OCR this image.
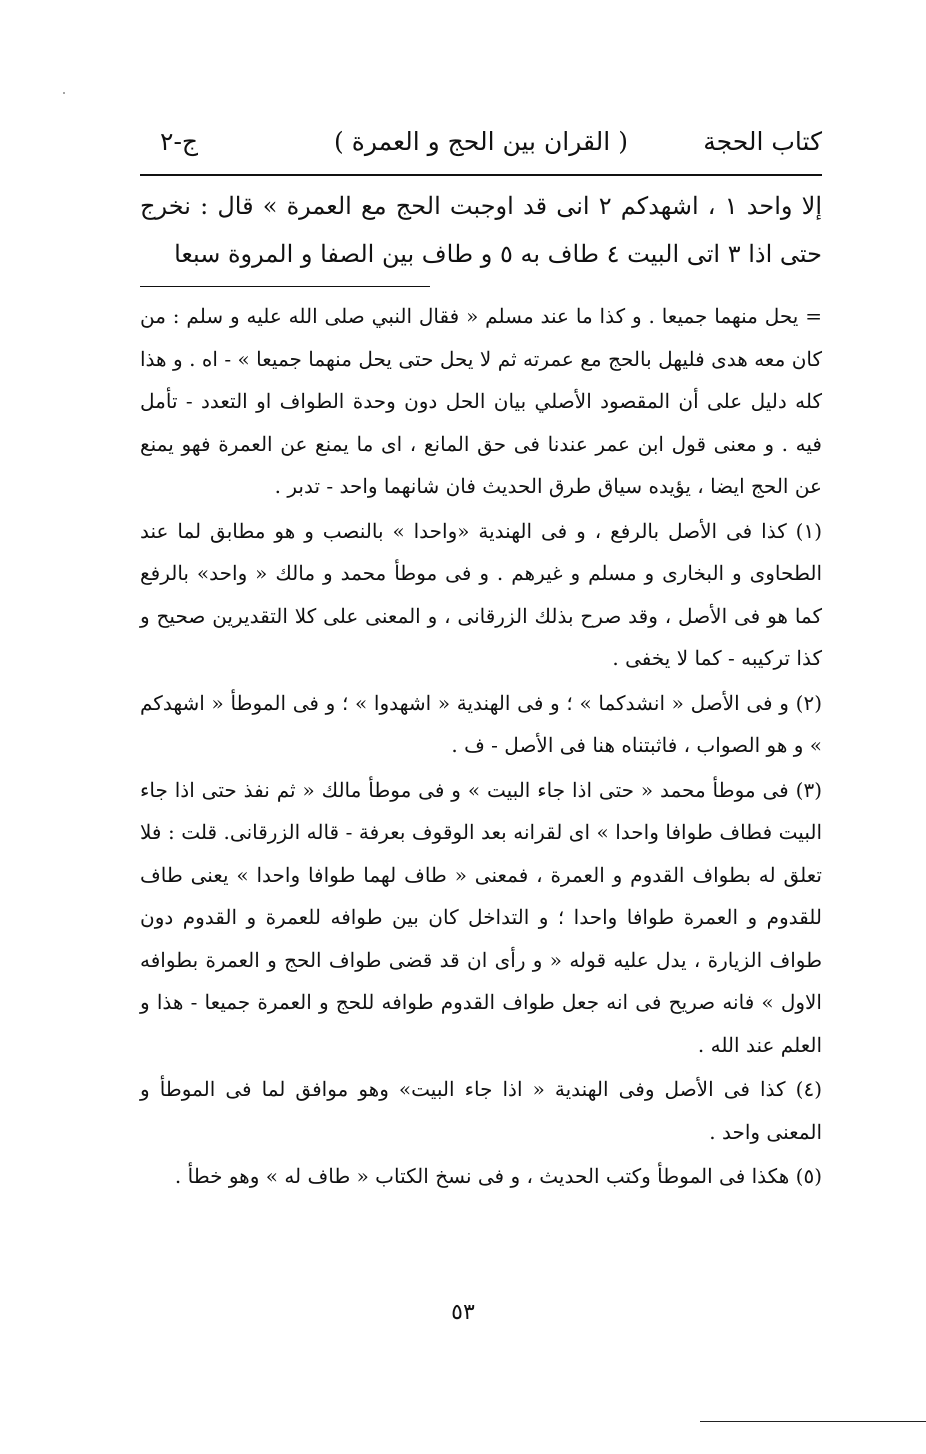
كتاب الحجة
( القران بين الحج و العمرة )
ج-٢

إلا واحد ١ ، اشهدكم ٢ انى قد اوجبت الحج مع العمرة » قال : نخرج حتى اذا ٣ اتى البيت ٤ طاف به ٥ و طاف بين الصفا و المروة سبعا

= يحل منهما جميعا . و كذا ما عند مسلم « فقال النبي صلى الله عليه و سلم : من كان معه هدى فليهل بالحج مع عمرته ثم لا يحل حتى يحل منهما جميعا » - اه . و هذا كله دليل على أن المقصود الأصلي بيان الحل دون وحدة الطواف او التعدد - تأمل فيه . و معنى قول ابن عمر عندنا فى حق المانع ، اى ما يمنع عن العمرة فهو يمنع عن الحج ايضا ، يؤيده سياق طرق الحديث فان شانهما واحد - تدبر .

(١) كذا فى الأصل بالرفع ، و فى الهندية «واحدا » بالنصب و هو مطابق لما عند الطحاوى و البخارى و مسلم و غيرهم . و فى موطأ محمد و مالك « واحد» بالرفع كما هو فى الأصل ، وقد صرح بذلك الزرقانى ، و المعنى على كلا التقديرين صحيح و كذا تركيبه - كما لا يخفى .

(٢) و فى الأصل « انشدكما » ؛ و فى الهندية « اشهدوا » ؛ و فى الموطأ « اشهدكم » و هو الصواب ، فاثبتناه هنا فى الأصل - ف .

(٣) فى موطأ محمد « حتى اذا جاء البيت » و فى موطأ مالك « ثم نفذ حتى اذا جاء البيت فطاف طوافا واحدا » اى لقرانه بعد الوقوف بعرفة - قاله الزرقانى. قلت : فلا تعلق له بطواف القدوم و العمرة ، فمعنى « طاف لهما طوافا واحدا » يعنى طاف للقدوم و العمرة طوافا واحدا ؛ و التداخل كان بين طوافه للعمرة و القدوم دون طواف الزيارة ، يدل عليه قوله « و رأى ان قد قضى طواف الحج و العمرة بطوافه الاول » فانه صريح فى انه جعل طواف القدوم طوافه للحج و العمرة جميعا - هذا و العلم عند الله .

(٤) كذا فى الأصل وفى الهندية « اذا جاء البيت» وهو موافق لما فى الموطأ و المعنى واحد .

(٥) هكذا فى الموطأ وكتب الحديث ، و فى نسخ الكتاب « طاف له » وهو خطأ .

٥٣
